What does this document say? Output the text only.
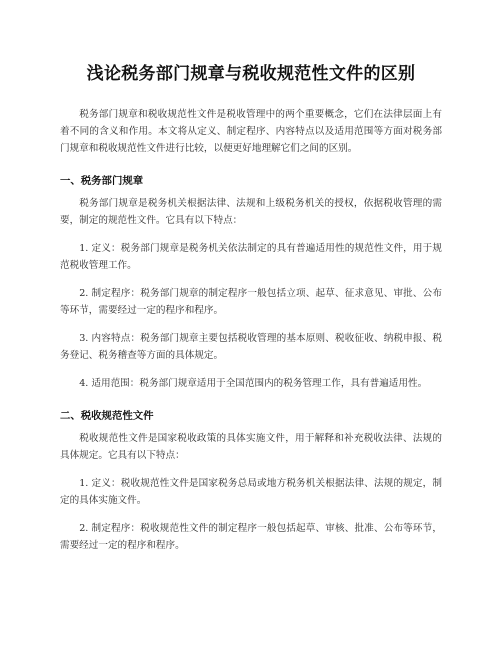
浅论税务部门规章与税收规范性文件的区别

税务部门规章和税收规范性文件是税收管理中的两个重要概念，它们在法律层面上有着不同的含义和作用。本文将从定义、制定程序、内容特点以及适用范围等方面对税务部门规章和税收规范性文件进行比较，以便更好地理解它们之间的区别。

一、税务部门规章

税务部门规章是税务机关根据法律、法规和上级税务机关的授权，依据税收管理的需要，制定的规范性文件。它具有以下特点：

1. 定义：税务部门规章是税务机关依法制定的具有普遍适用性的规范性文件，用于规范税收管理工作。

2. 制定程序：税务部门规章的制定程序一般包括立项、起草、征求意见、审批、公布等环节，需要经过一定的程序和程序。

3. 内容特点：税务部门规章主要包括税收管理的基本原则、税收征收、纳税申报、税务登记、税务稽查等方面的具体规定。

4. 适用范围：税务部门规章适用于全国范围内的税务管理工作，具有普遍适用性。

二、税收规范性文件

税收规范性文件是国家税收政策的具体实施文件，用于解释和补充税收法律、法规的具体规定。它具有以下特点：

1. 定义：税收规范性文件是国家税务总局或地方税务机关根据法律、法规的规定，制定的具体实施文件。

2. 制定程序：税收规范性文件的制定程序一般包括起草、审核、批准、公布等环节，需要经过一定的程序和程序。
